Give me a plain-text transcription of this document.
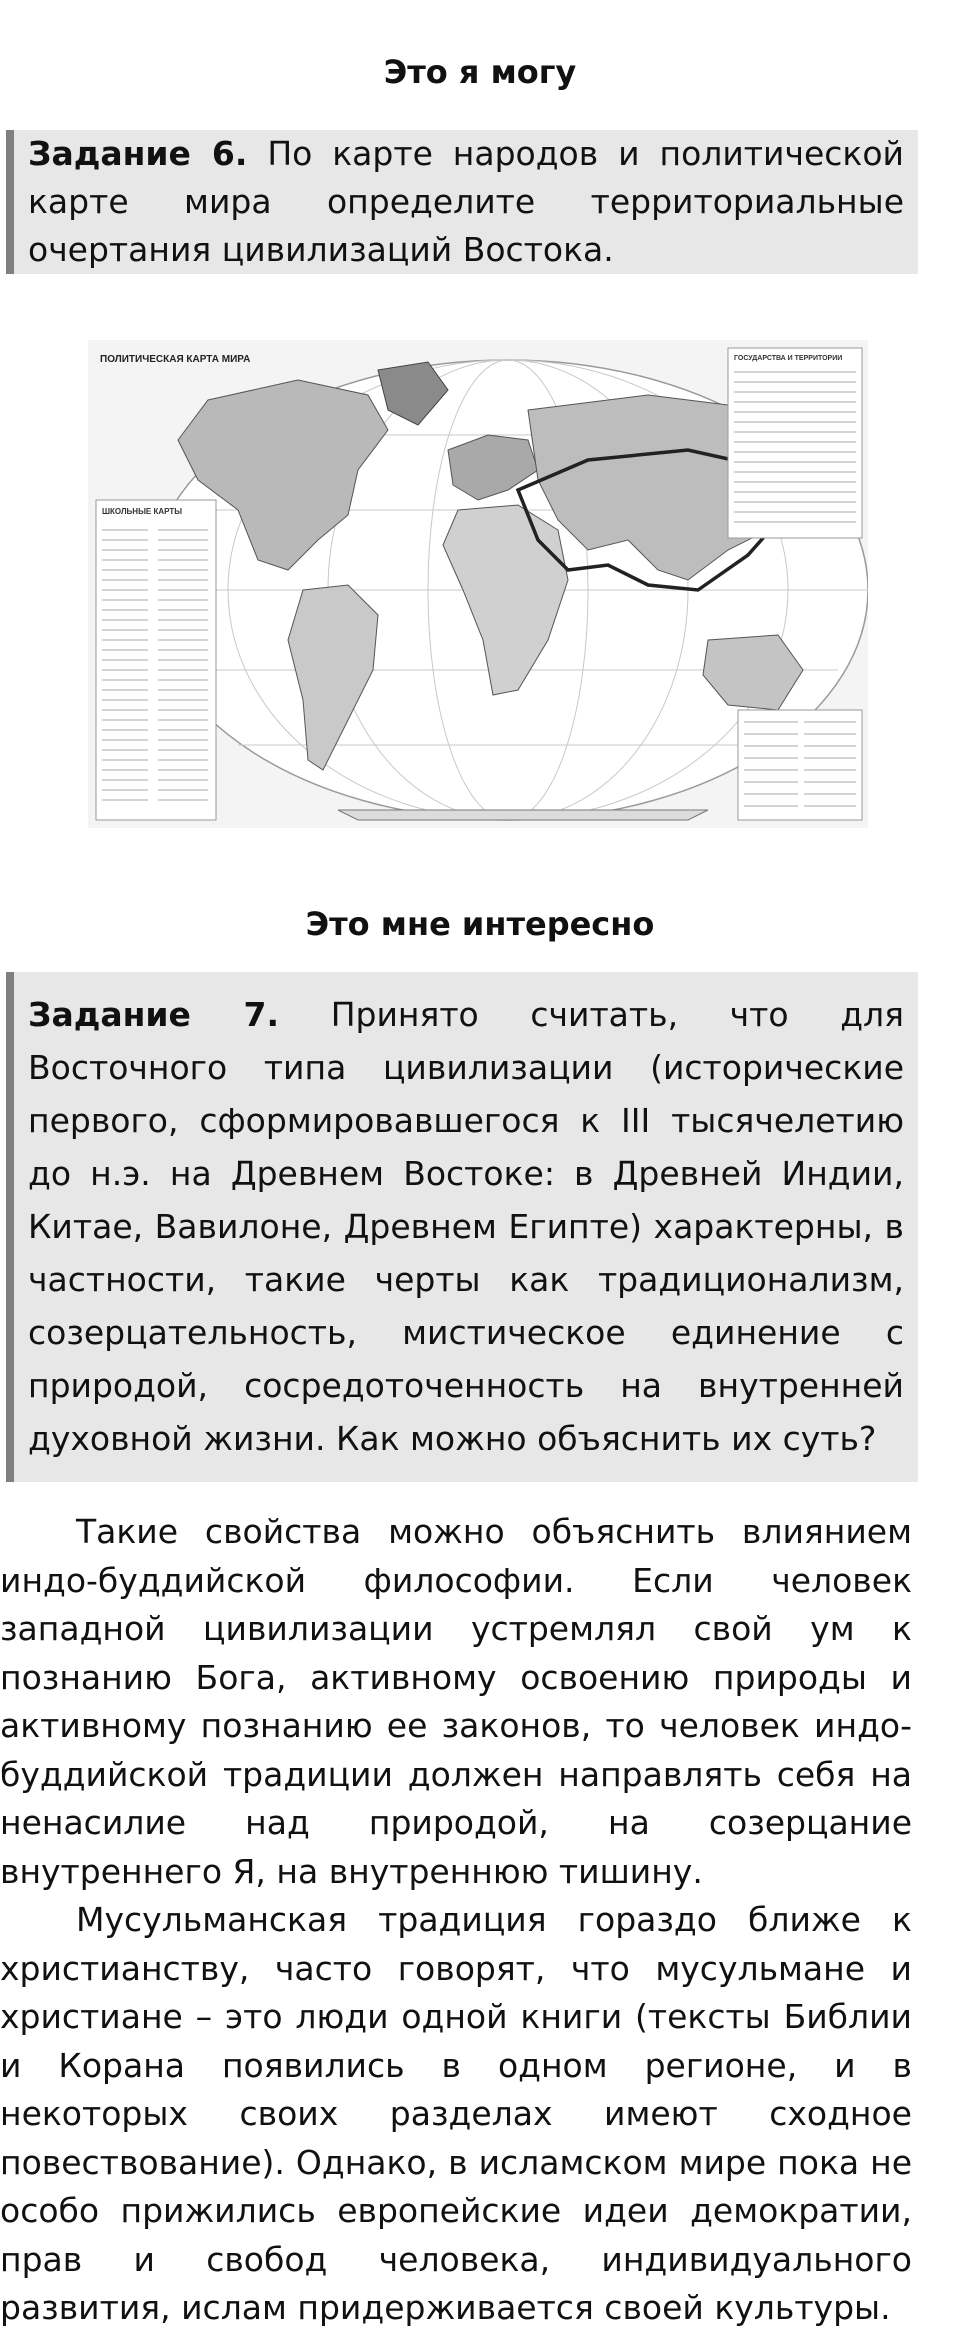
Это я могу
Задание 6. По карте народов и политической карте мира определите территориальные очертания цивилизаций Востока.
ПОЛИТИЧЕСКАЯ КАРТА МИРА
ШКОЛЬНЫЕ КАРТЫ
ГОСУДАРСТВА И ТЕРРИТОРИИ
Это мне интересно
Задание 7. Принято считать, что для Восточного типа цивилизации (исторические первого, сформировавшегося к III тысячелетию до н.э. на Древнем Востоке: в Древней Индии, Китае, Вавилоне, Древнем Египте) характерны, в частности, такие черты как традиционализм, созерцательность, мистическое единение с природой, сосредоточенность на внутренней духовной жизни. Как можно объяснить их суть?

Такие свойства можно объяснить влиянием индо-буддийской философии. Если человек западной цивилизации устремлял свой ум к познанию Бога, активному освоению природы и активному познанию ее законов, то человек индо-буддийской традиции должен направлять себя на ненасилие над природой, на созерцание внутреннего Я, на внутреннюю тишину.

Мусульманская традиция гораздо ближе к христианству, часто говорят, что мусульмане и христиане – это люди одной книги (тексты Библии и Корана появились в одном регионе, и в некоторых своих разделах имеют сходное повествование). Однако, в исламском мире пока не особо прижились европейские идеи демократии, прав и свобод человека, индивидуального развития, ислам придерживается своей культуры.
